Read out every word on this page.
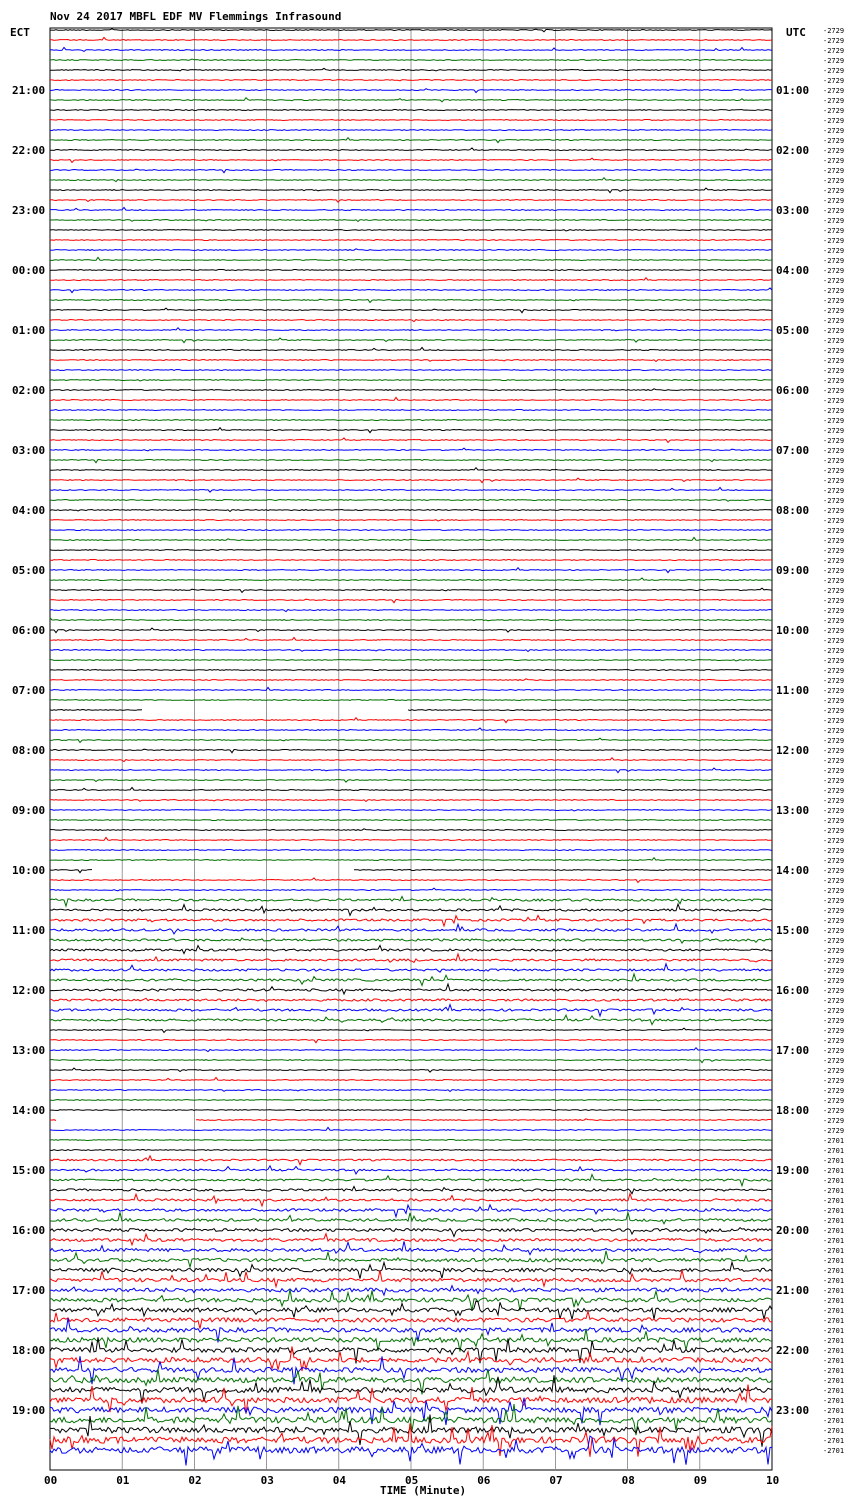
Nov 24 2017 MBFL EDF MV Flemmings Infrasound
ECT	UTC
21:00
22:00
23:00
00:00
01:00
02:00
03:00
04:00
05:00
06:00
07:00
08:00
09:00
10:00
11:00
12:00
13:00
14:00
15:00
16:00
17:00
18:00
19:00
01:00
02:00
03:00
04:00
05:00
06:00
07:00
08:00
09:00
10:00
11:00
12:00
13:00
14:00
15:00
16:00
17:00
18:00
19:00
20:00
21:00
22:00
23:00
-2729
-2729
-2729
-2729
-2729
-2729
-2729
-2729
-2729
-2729
-2729
-2729
-2729
-2729
-2729
-2729
-2729
-2729
-2729
-2729
-2729
-2729
-2729
-2729
-2729
-2729
-2729
-2729
-2729
-2729
-2729
-2729
-2729
-2729
-2729
-2729
-2729
-2729
-2729
-2729
-2729
-2729
-2729
-2729
-2729
-2729
-2729
-2729
-2729
-2729
-2729
-2729
-2729
-2729
-2729
-2729
-2729
-2729
-2729
-2729
-2729
-2729
-2729
-2729
-2729
-2729
-2729
-2729
-2729
-2729
-2729
-2729
-2729
-2729
-2729
-2729
-2729
-2729
-2729
-2729
-2729
-2729
-2729
-2729
-2729
-2729
-2729
-2729
-2729
-2729
-2729
-2729
-2729
-2729
-2729
-2729
-2729
-2729
-2729
-2729
-2729
-2729
-2729
-2729
-2729
-2729
-2729
-2729
-2729
-2729
-2729
-2701
-2701
-2701
-2701
-2701
-2701
-2701
-2701
-2701
-2701
-2701
-2701
-2701
-2701
-2701
-2701
-2701
-2701
-2701
-2701
-2701
-2701
-2701
-2701
-2701
-2701
-2701
-2701
-2701
-2701
-2701
-2701
00	01	02	03	04	05	06	07	08	09	10
TIME (Minute)
